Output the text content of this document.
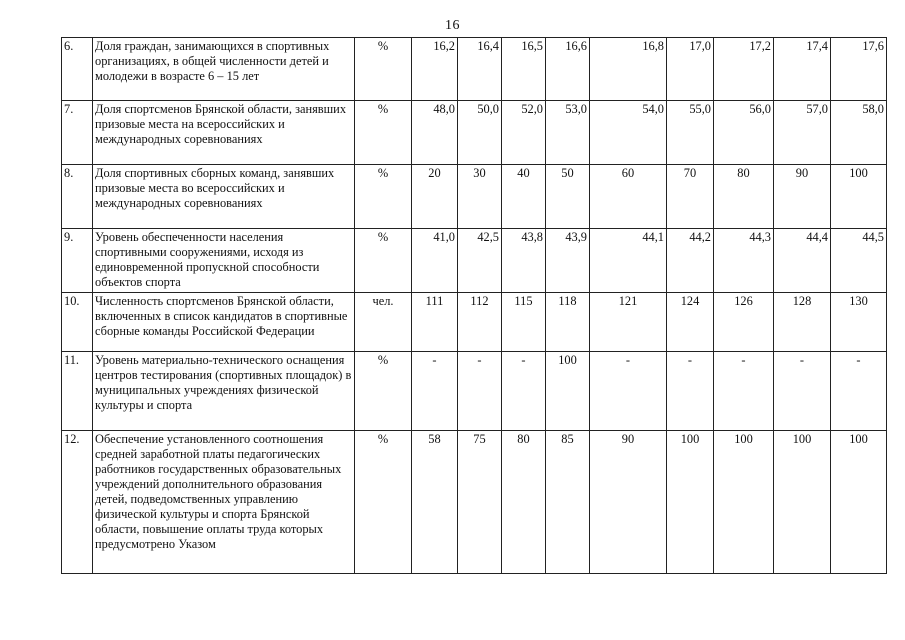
16
6.	Доля граждан, занимающихся в спортивных организациях, в общей численности детей и молодежи в возрасте 6 – 15 лет	%	16,2	16,4	16,5	16,6	16,8	17,0	17,2	17,4	17,6
7.	Доля спортсменов Брянской области, занявших призовые места на всероссийских и международных соревнованиях	%	48,0	50,0	52,0	53,0	54,0	55,0	56,0	57,0	58,0
8.	Доля спортивных сборных команд, занявших призовые места во всероссийских и международных соревнованиях	%	20	30	40	50	60	70	80	90	100
9.	Уровень обеспеченности населения спортивными сооружениями, исходя из единовременной пропускной способности объектов спорта	%	41,0	42,5	43,8	43,9	44,1	44,2	44,3	44,4	44,5
10.	Численность спортсменов Брянской области, включенных в список кандидатов в спортивные сборные команды Российской Федерации	чел.	111	112	115	118	121	124	126	128	130
11.	Уровень материально-технического оснащения центров тестирования (спортивных площадок) в муниципальных учреждениях физической культуры и спорта	%	-	-	-	100	-	-	-	-	-
12.	Обеспечение установленного соотношения средней заработной платы педагогических работников государственных образовательных учреждений дополнительного образования детей, подведомственных управлению физической культуры и спорта Брянской области, повышение оплаты труда которых предусмотрено Указом	%	58	75	80	85	90	100	100	100	100
